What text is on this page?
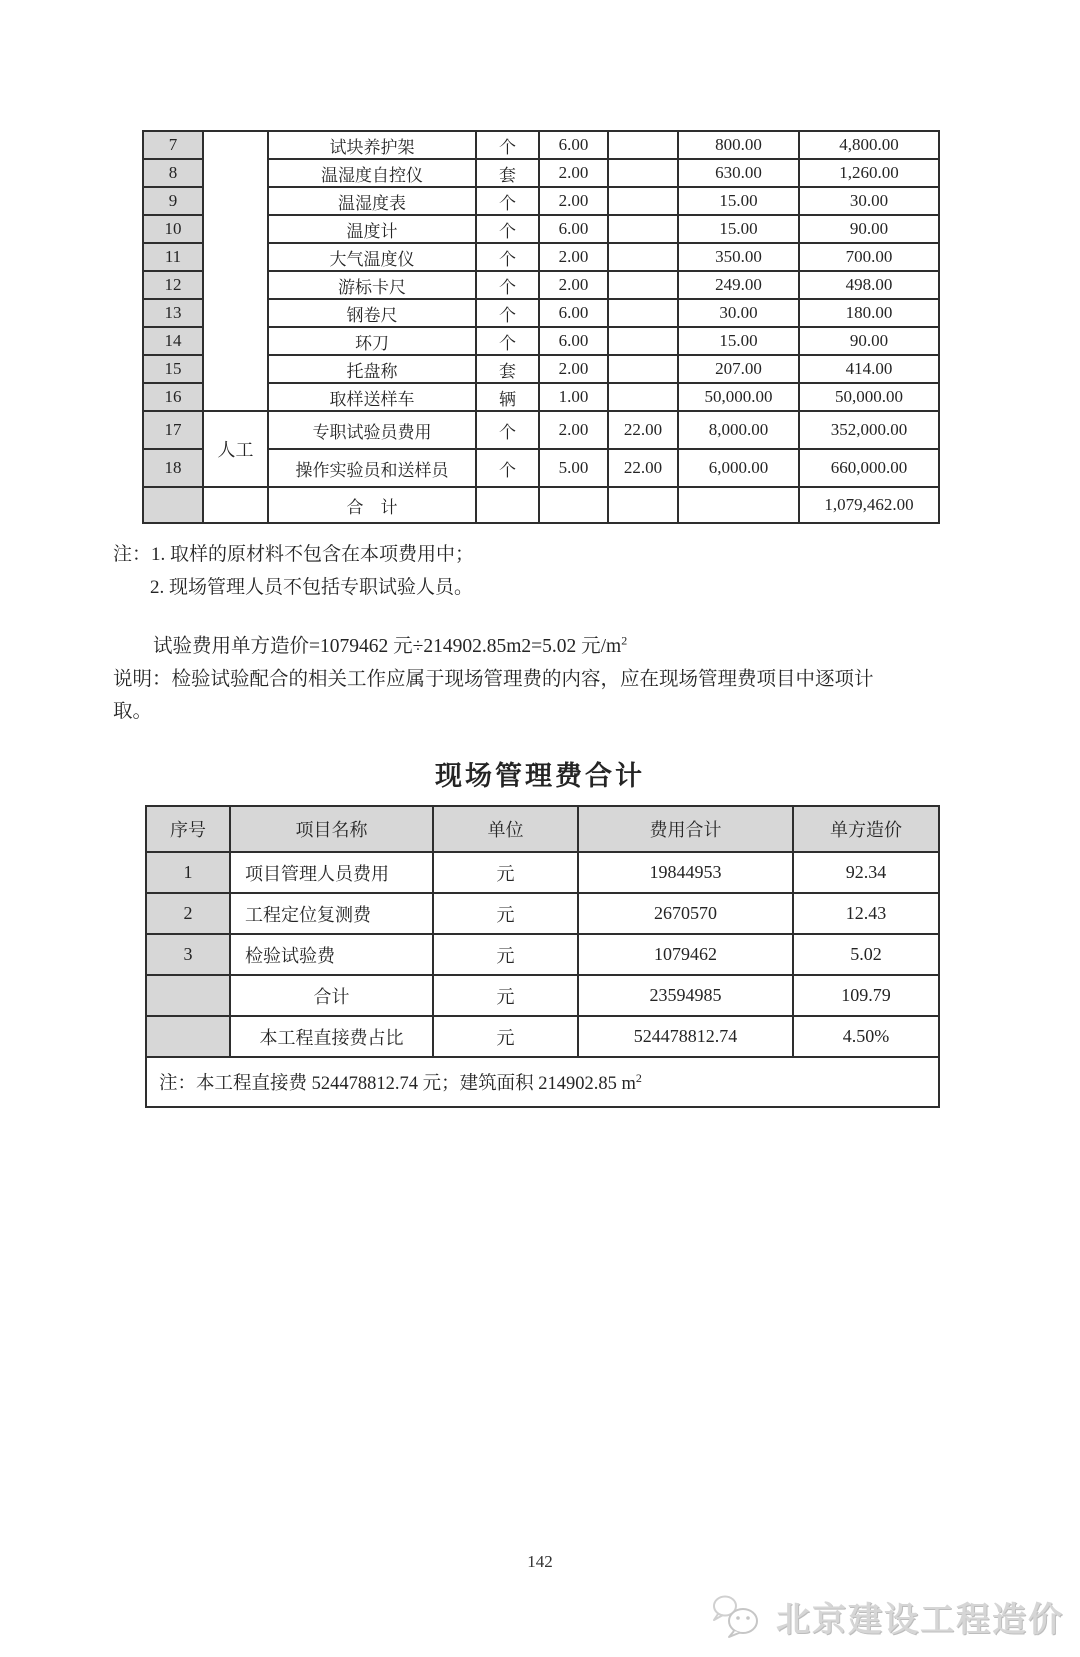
7		试块养护架	个	6.00		800.00	4,800.00
8		温湿度自控仪	套	2.00		630.00	1,260.00
9		温湿度表	个	2.00		15.00	30.00
10		温度计	个	6.00		15.00	90.00
11		大气温度仪	个	2.00		350.00	700.00
12		游标卡尺	个	2.00		249.00	498.00
13		钢卷尺	个	6.00		30.00	180.00
14		环刀	个	6.00		15.00	90.00
15		托盘称	套	2.00		207.00	414.00
16		取样送样车	辆	1.00		50,000.00	50,000.00
17	人工	专职试验员费用	个	2.00	22.00	8,000.00	352,000.00
18		操作实验员和送样员	个	5.00	22.00	6,000.00	660,000.00
		合　计					1,079,462.00
注：1. 取样的原材料不包含在本项费用中；
2. 现场管理人员不包括专职试验人员。
试验费用单方造价=1079462 元÷214902.85m2=5.02 元$/m^2$
说明：检验试验配合的相关工作应属于现场管理费的内容，应在现场管理费项目中逐项计
取。
现场管理费合计
序号	项目名称	单位	费用合计	单方造价
1	项目管理人员费用	元	19844953	92.34
2	工程定位复测费	元	2670570	12.43
3	检验试验费	元	1079462	5.02
	合计	元	23594985	109.79
	本工程直接费占比	元	524478812.74	4.50%
注：本工程直接费 524478812.74 元；建筑面积 214902.85 $m^2$
142
北京建设工程造价
